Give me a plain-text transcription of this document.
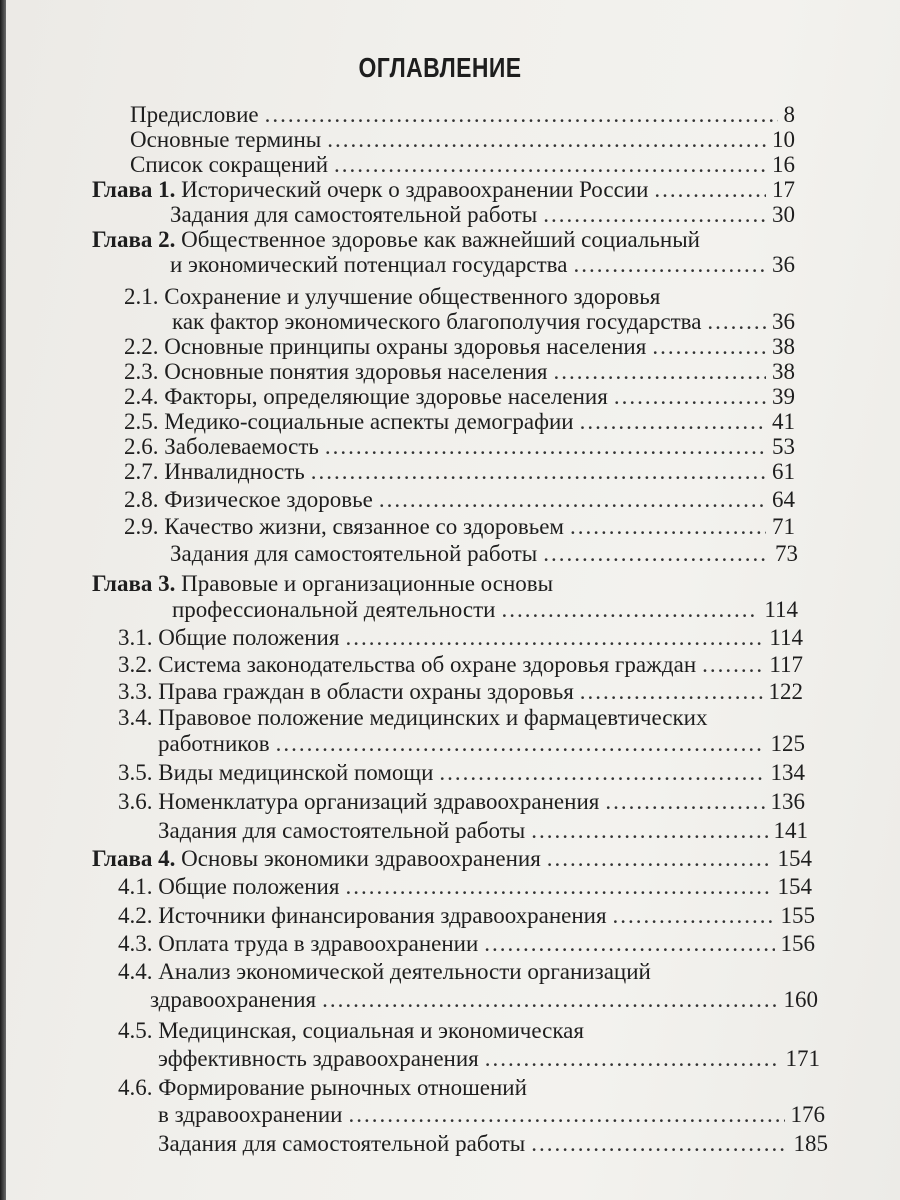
ОГЛАВЛЕНИЕ
Предисловие .....	8
Основные термины .....	10
Список сокращений .....	16
Глава 1. Исторический очерк о здравоохранении России .....	17
Задания для самостоятельной работы .....	30
Глава 2. Общественное здоровье как важнейший социальный
и экономический потенциал государства .....	36
2.1. Сохранение и улучшение общественного здоровья
как фактор экономического благополучия государства .....	36
2.2. Основные принципы охраны здоровья населения .....	38
2.3. Основные понятия здоровья населения .....	38
2.4. Факторы, определяющие здоровье населения .....	39
2.5. Медико-социальные аспекты демографии .....	41
2.6. Заболеваемость .....	53
2.7. Инвалидность .....	61
2.8. Физическое здоровье .....	64
2.9. Качество жизни, связанное со здоровьем .....	71
Задания для самостоятельной работы .....	73
Глава 3. Правовые и организационные основы
профессиональной деятельности .....	114
3.1. Общие положения .....	114
3.2. Система законодательства об охране здоровья граждан .....	117
3.3. Права граждан в области охраны здоровья .....	122
3.4. Правовое положение медицинских и фармацевтических
работников .....	125
3.5. Виды медицинской помощи .....	134
3.6. Номенклатура организаций здравоохранения .....	136
Задания для самостоятельной работы .....	141
Глава 4. Основы экономики здравоохранения .....	154
4.1. Общие положения .....	154
4.2. Источники финансирования здравоохранения .....	155
4.3. Оплата труда в здравоохранении .....	156
4.4. Анализ экономической деятельности организаций
здравоохранения .....	160
4.5. Медицинская, социальная и экономическая
эффективность здравоохранения .....	171
4.6. Формирование рыночных отношений
в здравоохранении .....	176
Задания для самостоятельной работы .....	185
